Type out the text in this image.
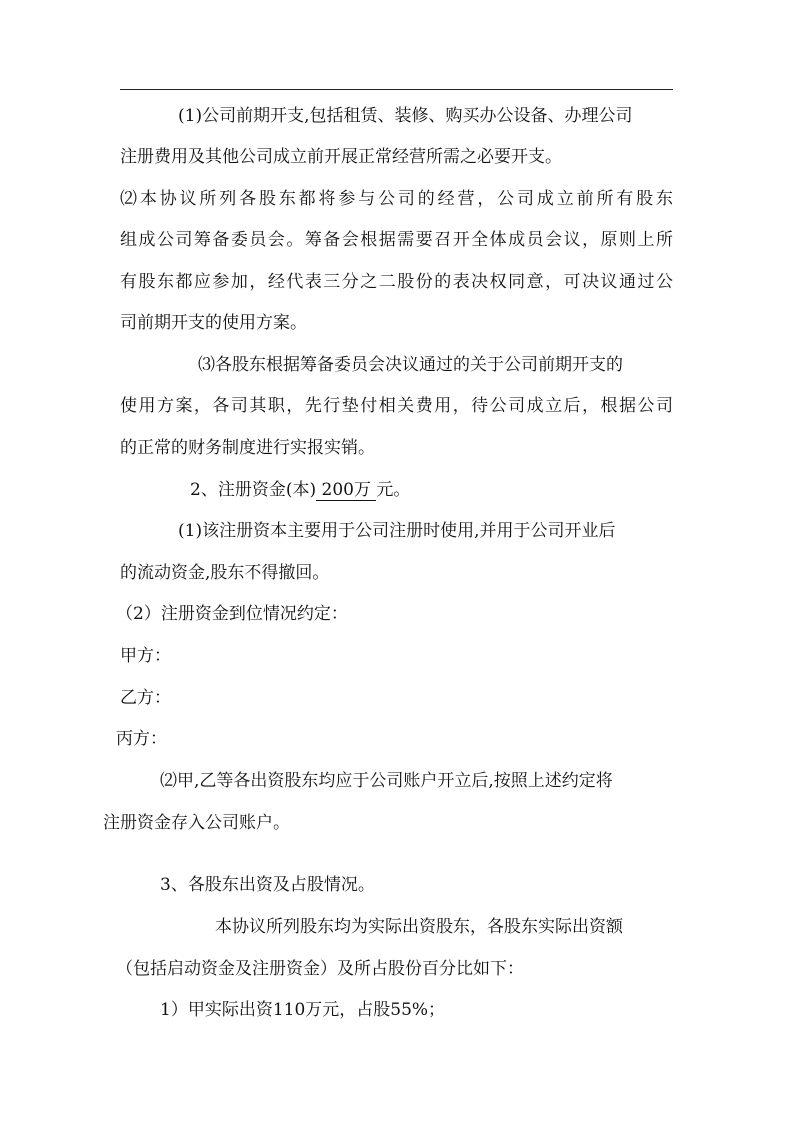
(1)公司前期开支,包括租赁、装修、购买办公设备、办理公司
注册费用及其他公司成立前开展正常经营所需之必要开支。
⑵本协议所列各股东都将参与公司的经营，公司成立前所有股东
组成公司筹备委员会。筹备会根据需要召开全体成员会议，原则上所
有股东都应参加，经代表三分之二股份的表决权同意，可决议通过公
司前期开支的使用方案。
⑶各股东根据筹备委员会决议通过的关于公司前期开支的
使用方案，各司其职，先行垫付相关费用，待公司成立后，根据公司
的正常的财务制度进行实报实销。
2、注册资金(本) 200万 元。
(1)该注册资本主要用于公司注册时使用,并用于公司开业后
的流动资金,股东不得撤回。
（2）注册资金到位情况约定：
甲方：
乙方：
丙方：
⑵甲,乙等各出资股东均应于公司账户开立后,按照上述约定将
注册资金存入公司账户。
3、各股东出资及占股情况。
本协议所列股东均为实际出资股东，各股东实际出资额
（包括启动资金及注册资金）及所占股份百分比如下：
1）甲实际出资110万元，占股55%；
